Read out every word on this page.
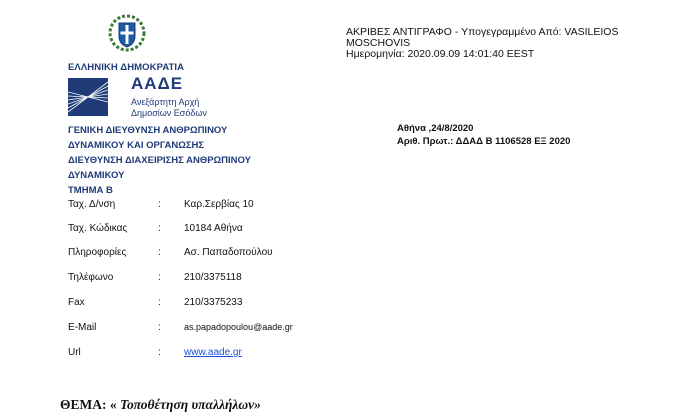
ΕΛΛΗΝΙΚΗ ΔΗΜΟΚΡΑΤΙΑ
ΑΑΔΕ
Ανεξάρτητη Αρχή
Δημοσίων Εσόδων
ΓΕΝΙΚΗ ΔΙΕΥΘΥΝΣΗ ΑΝΘΡΩΠΙΝΟΥ
ΔΥΝΑΜΙΚΟΥ ΚΑΙ ΟΡΓΑΝΩΣΗΣ
ΔΙΕΥΘΥΝΣΗ ΔΙΑΧΕΙΡΙΣΗΣ ΑΝΘΡΩΠΙΝΟΥ
ΔΥΝΑΜΙΚΟΥ
ΤΜΗΜΑ Β
ΑΚΡΙΒΕΣ ΑΝΤΙΓΡΑΦΟ - Υπογεγραμμένο Από: VASILEIOS
MOSCHOVIS
Ημερομηνία: 2020.09.09 14:01:40 EEST
Αθήνα ,24/8/2020
Αριθ. Πρωτ.: ΔΔΑΔ Β 1106528 ΕΞ 2020
Ταχ. Δ/νση	: Καρ.Σερβίας 10
Ταχ. Κώδικας	: 10184 Αθήνα
Πληροφορίες	: Ασ. Παπαδοπούλου
Τηλέφωνο	: 210/3375118
Fax	: 210/3375233
E-Mail	:	as.papadopoulou@aade.gr
Url	: www.aade.gr
ΘΕΜΑ: « Τοποθέτηση υπαλλήλων»
